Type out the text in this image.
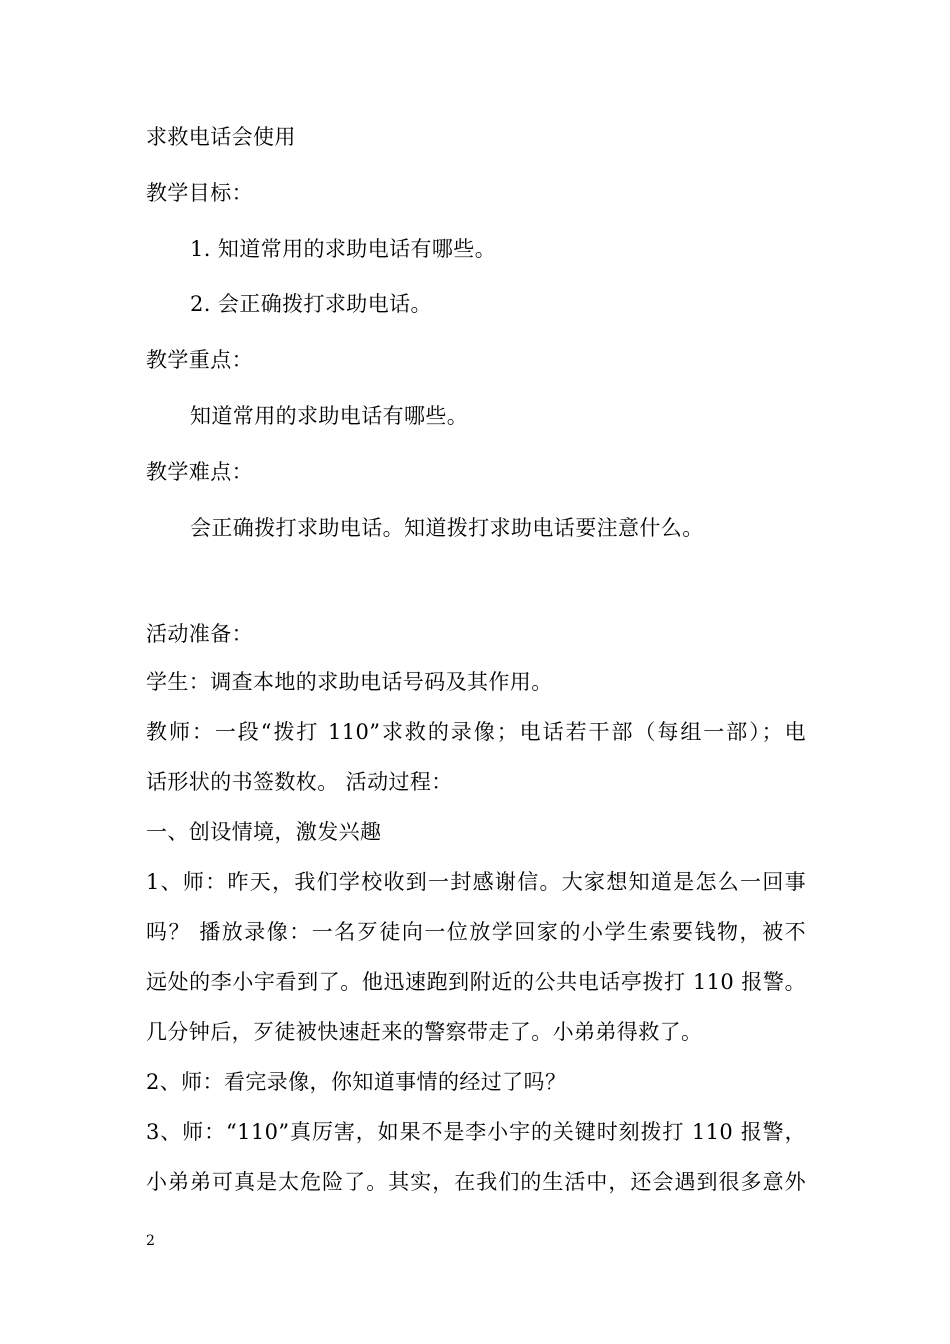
求救电话会使用
教学目标：
1. 知道常用的求助电话有哪些。
2. 会正确拨打求助电话。
教学重点：
知道常用的求助电话有哪些。
教学难点：
会正确拨打求助电话。知道拨打求助电话要注意什么。
活动准备：
学生：调查本地的求助电话号码及其作用。
教师：一段“拨打 110”求救的录像；电话若干部（每组一部）；电
话形状的书签数枚。 活动过程：
一、创设情境，激发兴趣
1、师：昨天，我们学校收到一封感谢信。大家想知道是怎么一回事
吗？ 播放录像：一名歹徒向一位放学回家的小学生索要钱物，被不
远处的李小宇看到了。他迅速跑到附近的公共电话亭拨打 110 报警。
几分钟后，歹徒被快速赶来的警察带走了。小弟弟得救了。
2、师：看完录像，你知道事情的经过了吗？
3、师：“110”真厉害，如果不是李小宇的关键时刻拨打 110 报警，
小弟弟可真是太危险了。其实，在我们的生活中，还会遇到很多意外
2
